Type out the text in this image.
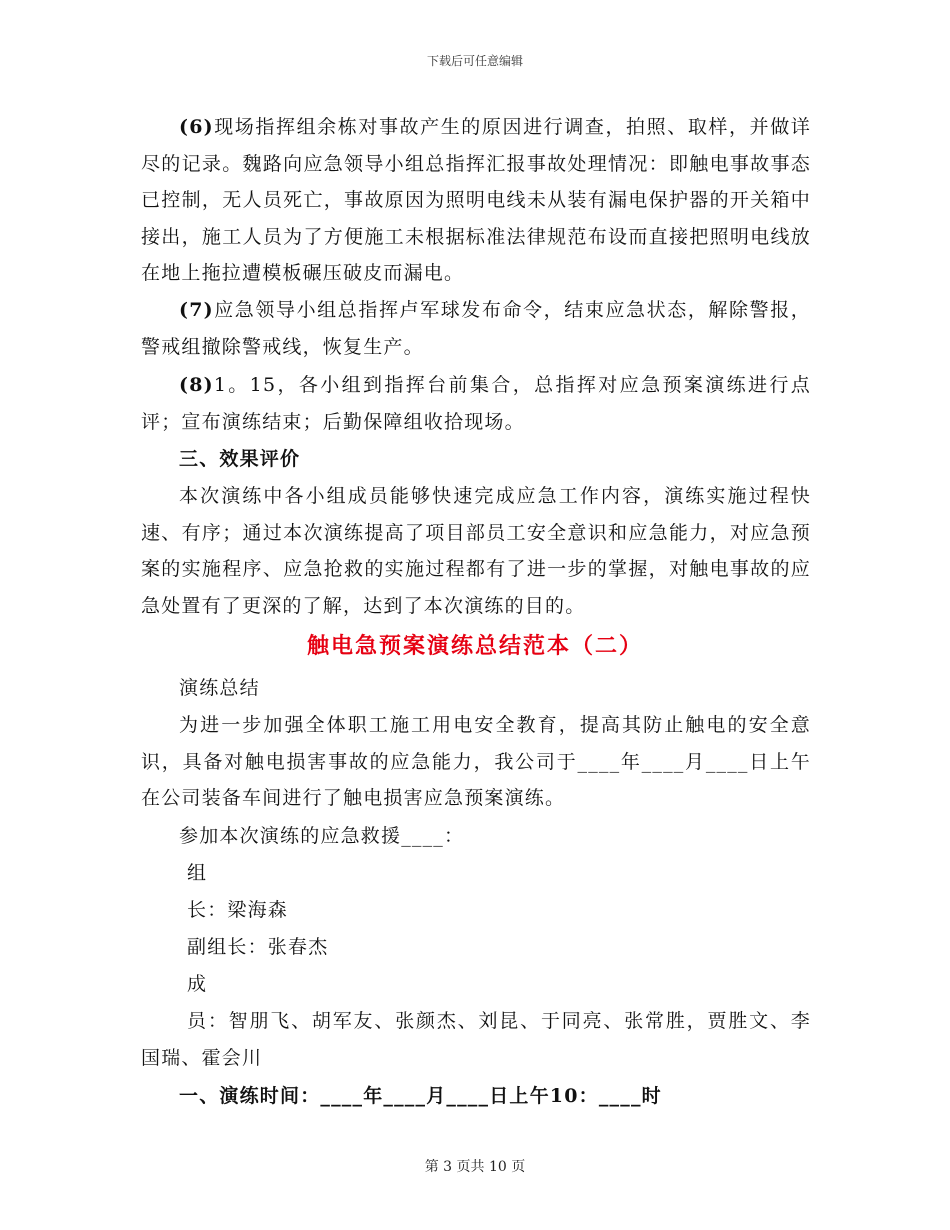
下载后可任意编辑

(6)现场指挥组余栋对事故产生的原因进行调查，拍照、取样，并做详尽的记录。魏路向应急领导小组总指挥汇报事故处理情况：即触电事故事态已控制，无人员死亡，事故原因为照明电线未从装有漏电保护器的开关箱中接出，施工人员为了方便施工未根据标准法律规范布设而直接把照明电线放在地上拖拉遭模板碾压破皮而漏电。

(7)应急领导小组总指挥卢军球发布命令，结束应急状态，解除警报，警戒组撤除警戒线，恢复生产。

(8)1。15，各小组到指挥台前集合，总指挥对应急预案演练进行点评；宣布演练结束；后勤保障组收拾现场。

三、效果评价

本次演练中各小组成员能够快速完成应急工作内容，演练实施过程快速、有序；通过本次演练提高了项目部员工安全意识和应急能力，对应急预案的实施程序、应急抢救的实施过程都有了进一步的掌握，对触电事故的应急处置有了更深的了解，达到了本次演练的目的。

触电急预案演练总结范本（二）

演练总结

为进一步加强全体职工施工用电安全教育，提高其防止触电的安全意识，具备对触电损害事故的应急能力，我公司于____年____月____日上午在公司装备车间进行了触电损害应急预案演练。

参加本次演练的应急救援____：

组

长：梁海森

副组长：张春杰

成

员：智朋飞、胡军友、张颜杰、刘昆、于同亮、张常胜，贾胜文、李国瑞、霍会川

一、演练时间：____年____月____日上午10：____时

第 3 页共 10 页
